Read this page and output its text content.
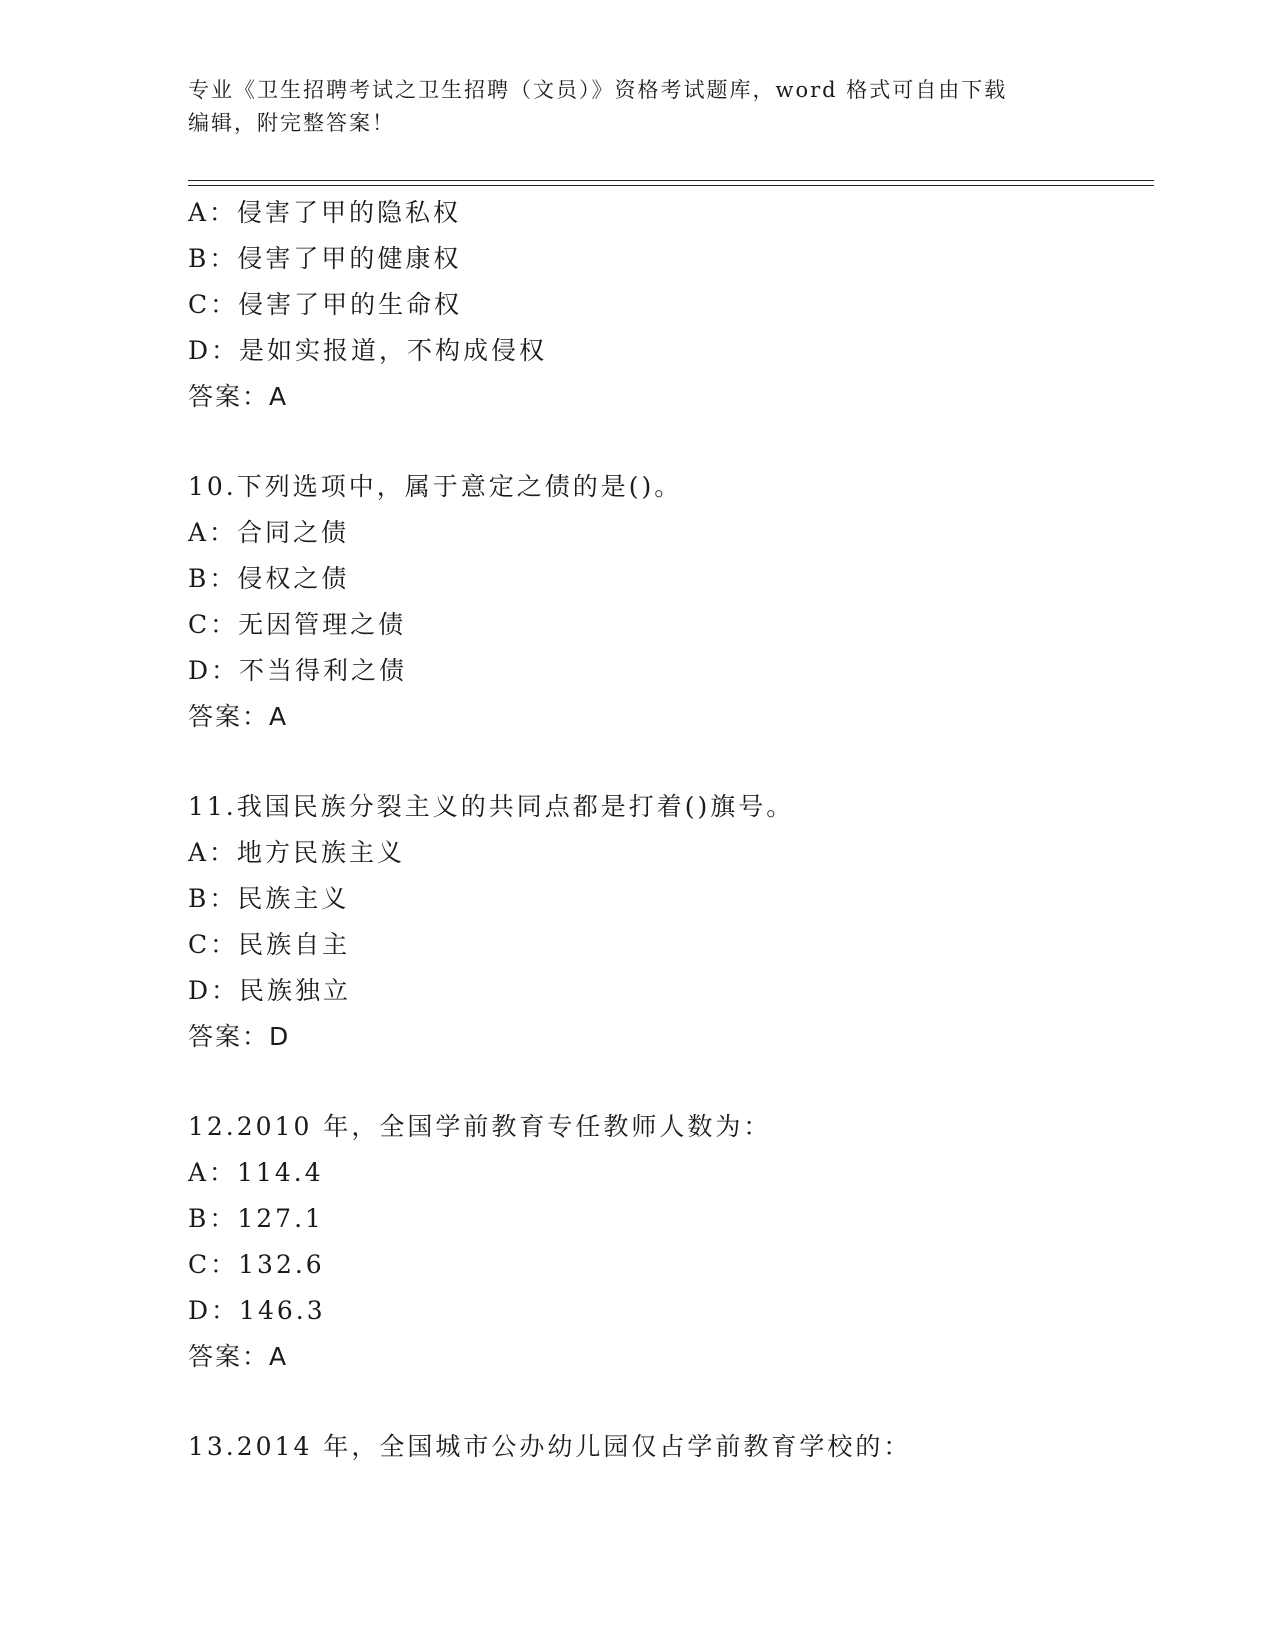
专业《卫生招聘考试之卫生招聘（文员）》资格考试题库，word 格式可自由下载
编辑，附完整答案！
A：侵害了甲的隐私权
B：侵害了甲的健康权
C：侵害了甲的生命权
D：是如实报道，不构成侵权
答案：A
10.下列选项中，属于意定之债的是()。
A：合同之债
B：侵权之债
C：无因管理之债
D：不当得利之债
答案：A
11.我国民族分裂主义的共同点都是打着()旗号。
A：地方民族主义
B：民族主义
C：民族自主
D：民族独立
答案：D
12.2010 年，全国学前教育专任教师人数为：
A：114.4
B：127.1
C：132.6
D：146.3
答案：A
13.2014 年，全国城市公办幼儿园仅占学前教育学校的：
